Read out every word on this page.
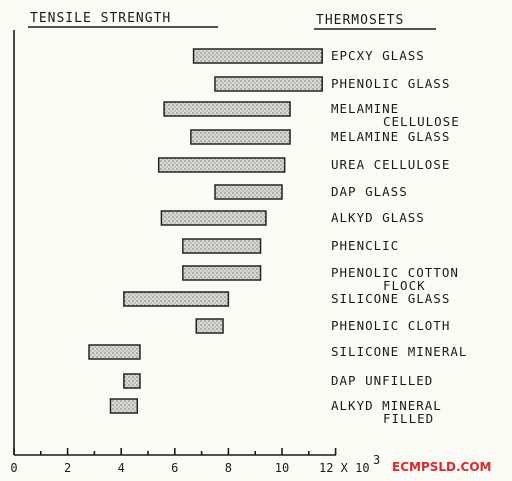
TENSILE STRENGTH	THERMOSETS
EPCXY GLASS
PHENOLIC GLASS
MELAMINE
CELLULOSE
MELAMINE GLASS
UREA CELLULOSE
DAP GLASS
ALKYD GLASS
PHENCLIC
PHENOLIC COTTON
FLOCK
SILICONE GLASS
PHENOLIC CLOTH
SILICONE MINERAL
DAP UNFILLED
ALKYD MINERAL
FILLED
0	2	4	6	8	10 12 X 10
3 ECMPSLD.COM
